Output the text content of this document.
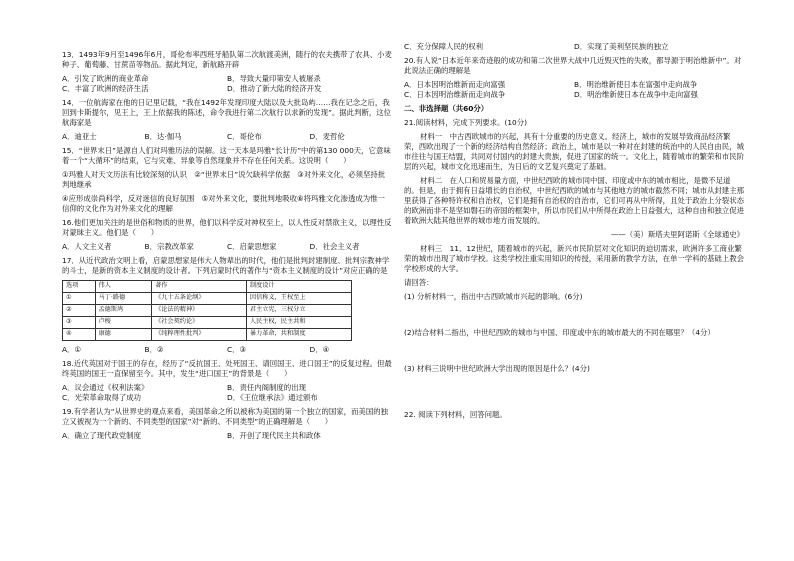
13．1493年9月至1496年6月，哥伦布率西班牙船队第二次航渡美洲，随行的农夫携带了农具、小麦种子、葡萄藤、甘蔗苗等物品。据此判定，新航路开辟
A．引发了欧洲的商业革命	B．导致大量印第安人被屠杀
C．丰富了欧洲的经济生活	D．推动了新大陆的经济开发
14．一位航海家在他的日记里记载，“我在1492年发现印度大陆以及大批岛屿……我在记念之后，我回到卡斯提尔，见王上，王上依据我的陈述，命令我进行第二次航行以求新的发现”。据此判断，这位航海家是
A．迪亚士	B．达·伽马	C．哥伦布	D．麦哲伦
15．“世界末日”是源自人们对玛雅历法的误解。这一天本是玛雅“长计历”中的第130 000天，它意味着一个“大循环”的结束，它与灾难、异象等自然现象并不存在任何关系。这说明（　　）
①玛雅人对天文历法有比较深刻的认识　②“世界末日”说欠缺科学依据　③对外来文化，必须坚持批判地继承
④应形成崇尚科学，反对迷信的良好氛围　⑤对外来文化，要批判地吸收⑥将玛雅文化渗透成为惟一信仰的文化作为对外来文化的理解
16.他们更加关注的是世俗和物质的世界，他们以科学反对神权至上，以人性反对禁欲主义，以理性反对蒙昧主义。他们是（　　）
A．人文主义者	B．宗教改革家	C．启蒙思想家	D．社会主义者
17．从近代政治文明上看，启蒙思想家是伟大人物辈出的时代，他们是批判封建制度、批判宗教神学的斗士，是新的资本主义制度的设计者。下列启蒙时代的著作与“资本主义制度的设计”对应正确的是
选项	伟人	著作	制度设计
①	马丁·路德	《九十五条论纲》	因信称义，王权至上
②	孟德斯鸠	《论法的精神》	君主立宪，三权分立
③	卢梭	《社会契约论》	人民主权，民主共和
④	康德	《纯粹理性批判》	暴力革命，共和制度
A．①	B．②	C．③	D．④
18.近代英国对于国王的存在，经历了“反抗国王、处死国王、请回国王、进口国王”的反复过程。但最终英国的国王一直保留至今。其中，发生“进口国王”的背景是（　　）
A．议会通过《权利法案》	B．责任内阁制度的出现
C．光荣革命取得了成功	D．《王位继承法》通过颁布
19.有学者认为“从世界史的观点来看，美国革命之所以被称为美国的第一个独立的国家，而美国的独立又被视为一个新的、不同类型的国家”对“新的、不同类型”的正确理解是（　　）
A．确立了现代政党制度	B．开创了现代民主共和政体
C．充分保障人民的权利	D．实现了美利坚民族的独立
20.有人说“日本近年来奇迹般的成功和第二次世界大战中几近毁灭性的失败，都导源于明治维新中”。对此说法正确的理解是
A．日本因明治维新而走向富强	B．明治维新使日本在富强中走向战争
C．日本因明治维新而走向战争	D．明治维新使日本在战争中走向富强
二、非选择题（共60分）
21.阅读材料，完成下列要求。(10分)
材料一　中古西欧城市的兴起，具有十分重要的历史意义。经济上，城市的发展导致商品经济繁荣，西欧出现了一个新的经济结构自然经济；政治上，城市是以一种对在封建的统治中的人民自由民，城市往往与国王结盟，共同对付国内的封建大贵族，促进了国家的统一。文化上，随着城市的繁荣和市民阶层的兴起，城市文化迅速而生，为日后的文艺复兴奠定了基础。
材料二　在人口和贸易量方面，中世纪西欧的城市同中国、印度或中东的城市相比，是微不足道的。但是，由于拥有日益增长的自治权，中世纪西欧的城市与其他地方的城市截然不同；城市从封建主那里获得了各种特许权和自治权，它们是拥有自治权的自治市，它们可再从中所得，且处于政治上分裂状态的欧洲而非不是坚如磐石的帝国的框架中，所以市民们从中所得在政治上日益强大，这种自由和独立促进着欧洲大陆其他世界的城市地方而发展的。
——（美）斯塔夫里阿诺斯《全球通史》
材料三　11、12世纪，随着城市的兴起，新兴市民阶层对文化知识的迫切需求，欧洲许多工商业繁荣的城市出现了城市学校。这类学校注重实用知识的传授，采用新的教学方法，在单一学科的基础上教会学校形成的大学。
请回答：
(1) 分析材料一，指出中古西欧城市兴起的影响。(6分)
(2)结合材料二指出，中世纪西欧的城市与中国、印度或中东的城市最大的不同在哪里？（4分）
(3) 材料三说明中世纪欧洲大学出现的原因是什么？(4分)
22. 阅读下列材料，回答问题。
